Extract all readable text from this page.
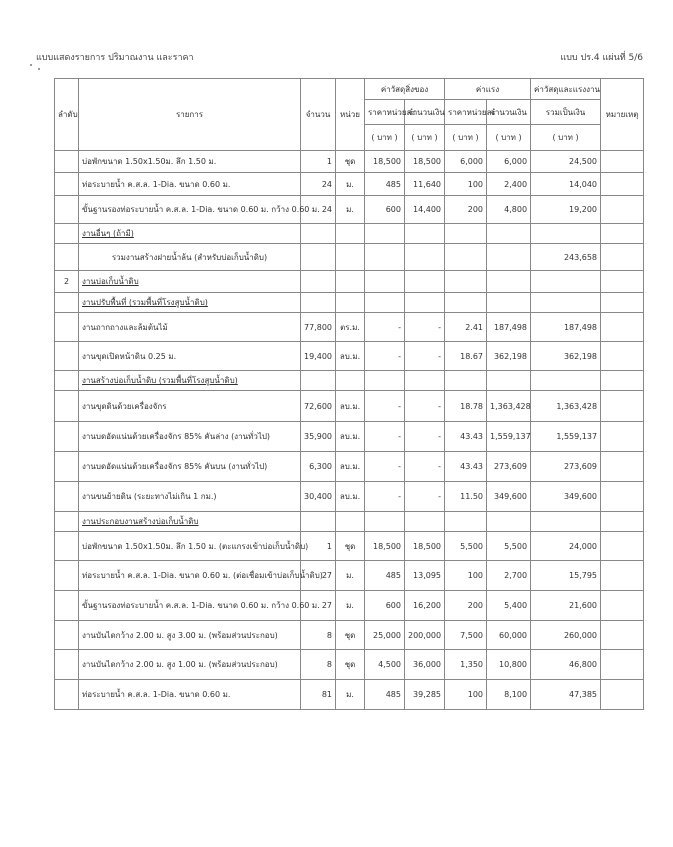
แบบแสดงรายการ ปริมาณงาน และราคา	แบบ ปร.4 แผ่นที่ 5/6
ลำดับ	รายการ	จำนวน	หน่วย	ค่าวัสดุสิ่งของ		ค่าแรง		ค่าวัสดุและแรงงาน	หมายเหตุ
				ราคาหน่วยละ	จำนวนเงิน	ราคาหน่วยละ	จำนวนเงิน	รวมเป็นเงิน	
				( บาท )	( บาท )	( บาท )	( บาท )	( บาท )	
	บ่อพักขนาด 1.50x1.50ม. ลึก 1.50 ม.	1	ชุด	18,500	18,500	6,000	6,000	24,500	
	ท่อระบายน้ำ ค.ส.ล. 1-Dia. ขนาด 0.60 ม.	24	ม.	485	11,640	100	2,400	14,040	
	ขั้นฐานรองท่อระบายน้ำ ค.ส.ล. 1-Dia. ขนาด 0.60 ม. กว้าง 0.60 ม.	24	ม.	600	14,400	200	4,800	19,200	
	งานอื่นๆ (ถ้ามี)								
	รวมงานสร้างฝายน้ำล้น (สำหรับบ่อเก็บน้ำดิบ)							243,658	
2	งานบ่อเก็บน้ำดิบ								
	งานปรับพื้นที่ (รวมพื้นที่โรงสูบน้ำดิบ)								
	งานถากถางและล้มต้นไม้	77,800	ตร.ม.	-	-	2.41	187,498	187,498	
	งานขุดเปิดหน้าดิน 0.25 ม.	19,400	ลบ.ม.	-	-	18.67	362,198	362,198	
	งานสร้างบ่อเก็บน้ำดิบ (รวมพื้นที่โรงสูบน้ำดิบ)								
	งานขุดดินด้วยเครื่องจักร	72,600	ลบ.ม.	-	-	18.78	1,363,428	1,363,428	
	งานบดอัดแน่นด้วยเครื่องจักร 85% คันล่าง (งานทั่วไป)	35,900	ลบ.ม.	-	-	43.43	1,559,137	1,559,137	
	งานบดอัดแน่นด้วยเครื่องจักร 85% คันบน (งานทั่วไป)	6,300	ลบ.ม.	-	-	43.43	273,609	273,609	
	งานขนย้ายดิน (ระยะทางไม่เกิน 1 กม.)	30,400	ลบ.ม.	-	-	11.50	349,600	349,600	
	งานประกอบงานสร้างบ่อเก็บน้ำดิบ								
	บ่อพักขนาด 1.50x1.50ม. ลึก 1.50 ม. (ตะแกรงเข้าบ่อเก็บน้ำดิบ)	1	ชุด	18,500	18,500	5,500	5,500	24,000	
	ท่อระบายน้ำ ค.ส.ล. 1-Dia. ขนาด 0.60 ม. (ต่อเชื่อมเข้าบ่อเก็บน้ำดิบ)	27	ม.	485	13,095	100	2,700	15,795	
	ขั้นฐานรองท่อระบายน้ำ ค.ส.ล. 1-Dia. ขนาด 0.60 ม. กว้าง 0.60 ม.	27	ม.	600	16,200	200	5,400	21,600	
	งานบันไดกว้าง 2.00 ม. สูง 3.00 ม. (พร้อมส่วนประกอบ)	8	ชุด	25,000	200,000	7,500	60,000	260,000	
	งานบันไดกว้าง 2.00 ม. สูง 1.00 ม. (พร้อมส่วนประกอบ)	8	ชุด	4,500	36,000	1,350	10,800	46,800	
	ท่อระบายน้ำ ค.ส.ล. 1-Dia. ขนาด 0.60 ม.	81	ม.	485	39,285	100	8,100	47,385	
